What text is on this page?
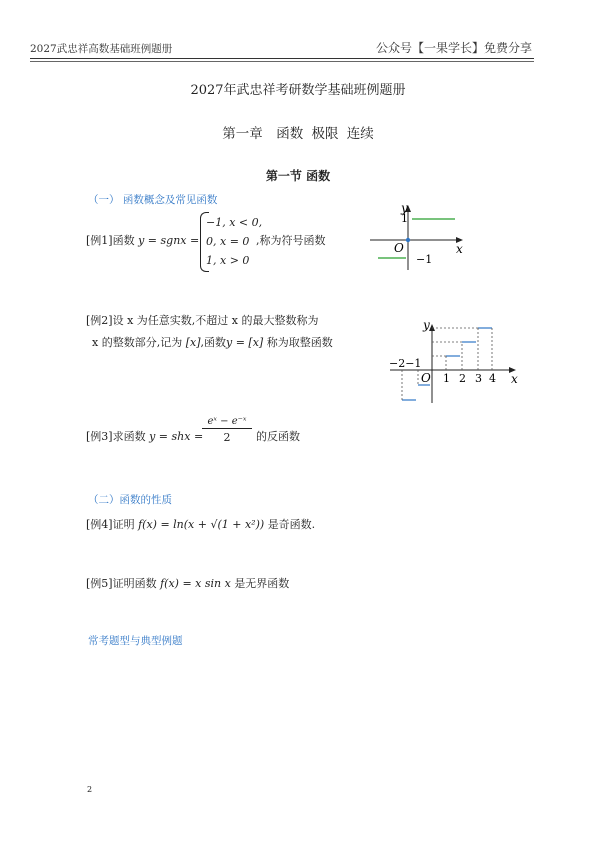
2027武忠祥高数基础班例题册	公众号【一果学长】免费分享
2027年武忠祥考研数学基础班例题册
第一章　函数 极限 连续
第一节 函数
（一） 函数概念及常见函数
[例1]函数 y = sgnx =
−1, x < 0,
0, x = 0
1, x > 0
,称为符号函数
y
x
1
O
−1
[例2]设 x 为任意实数,不超过 x 的最大整数称为
x 的整数部分,记为 [x],函数y = [x] 称为取整函数
y
x
−2−1
O 1 2 3 4
[例3]求函数 y = shx =
$\frac{\text{eˣ − e⁻ˣ}}{2}$ 的反函数
（二）函数的性质
[例4]证明 f(x) = ln(x + √(1 + x²)) 是奇函数.
[例5]证明函数 f(x) = x sin x 是无界函数
常考题型与典型例题
2
